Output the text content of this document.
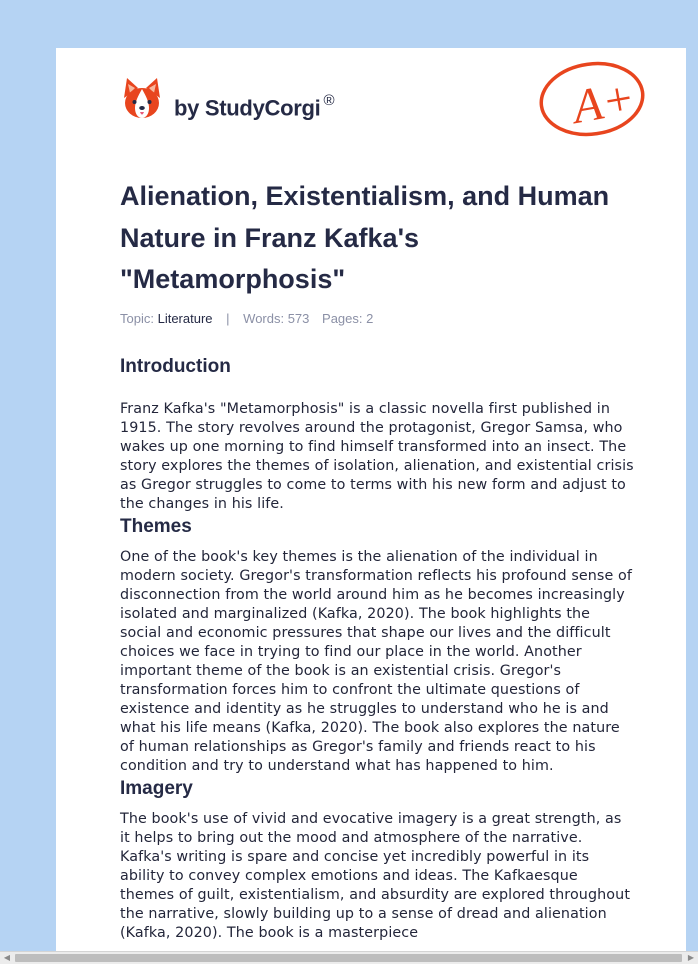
by StudyCorgi ®	A+
Alienation, Existentialism, and Human Nature in Franz Kafka's "Metamorphosis"
Topic: Literature | Words: 573 Pages: 2
Introduction

Franz Kafka's "Metamorphosis" is a classic novella first published in 1915. The story revolves around the protagonist, Gregor Samsa, who wakes up one morning to find himself transformed into an insect. The story explores the themes of isolation, alienation, and existential crisis as Gregor struggles to come to terms with his new form and adjust to the changes in his life.

Themes

One of the book's key themes is the alienation of the individual in modern society. Gregor's transformation reflects his profound sense of disconnection from the world around him as he becomes increasingly isolated and marginalized (Kafka, 2020). The book highlights the social and economic pressures that shape our lives and the difficult choices we face in trying to find our place in the world. Another important theme of the book is an existential crisis. Gregor's transformation forces him to confront the ultimate questions of existence and identity as he struggles to understand who he is and what his life means (Kafka, 2020). The book also explores the nature of human relationships as Gregor's family and friends react to his condition and try to understand what has happened to him.

Imagery

The book's use of vivid and evocative imagery is a great strength, as it helps to bring out the mood and atmosphere of the narrative. Kafka's writing is spare and concise yet incredibly powerful in its ability to convey complex emotions and ideas. The Kafkaesque themes of guilt, existentialism, and absurdity are explored throughout the narrative, slowly building up to a sense of dread and alienation (Kafka, 2020). The book is a masterpiece

◀	▶
